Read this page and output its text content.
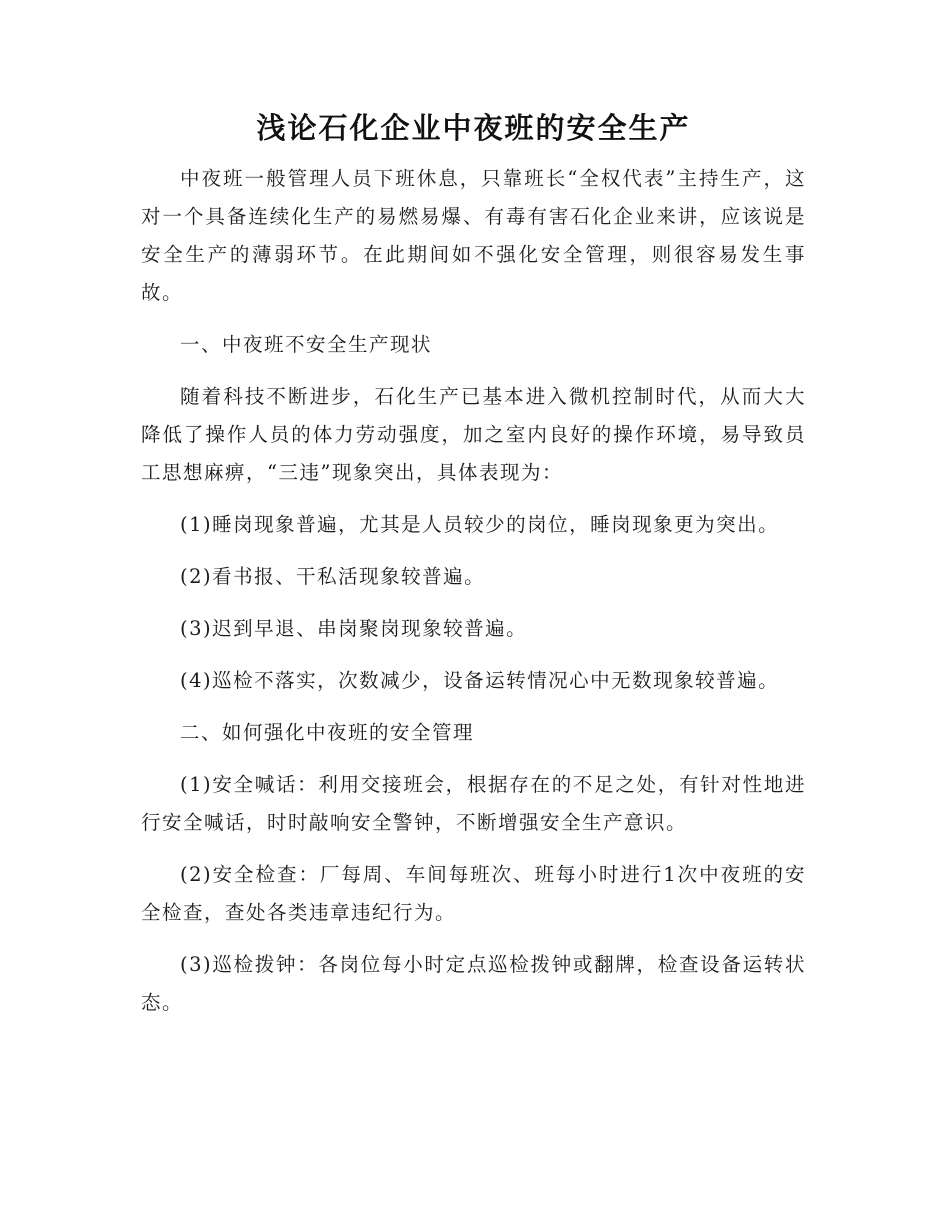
浅论石化企业中夜班的安全生产

中夜班一般管理人员下班休息，只靠班长“全权代表”主持生产，这对一个具备连续化生产的易燃易爆、有毒有害石化企业来讲，应该说是安全生产的薄弱环节。在此期间如不强化安全管理，则很容易发生事故。

一、中夜班不安全生产现状

随着科技不断进步，石化生产已基本进入微机控制时代，从而大大降低了操作人员的体力劳动强度，加之室内良好的操作环境，易导致员工思想麻痹，“三违”现象突出，具体表现为：

(1)睡岗现象普遍，尤其是人员较少的岗位，睡岗现象更为突出。

(2)看书报、干私活现象较普遍。

(3)迟到早退、串岗聚岗现象较普遍。

(4)巡检不落实，次数减少，设备运转情况心中无数现象较普遍。

二、如何强化中夜班的安全管理

(1)安全喊话：利用交接班会，根据存在的不足之处，有针对性地进行安全喊话，时时敲响安全警钟，不断增强安全生产意识。

(2)安全检查：厂每周、车间每班次、班每小时进行1次中夜班的安全检查，查处各类违章违纪行为。

(3)巡检拨钟：各岗位每小时定点巡检拨钟或翻牌，检查设备运转状态。
